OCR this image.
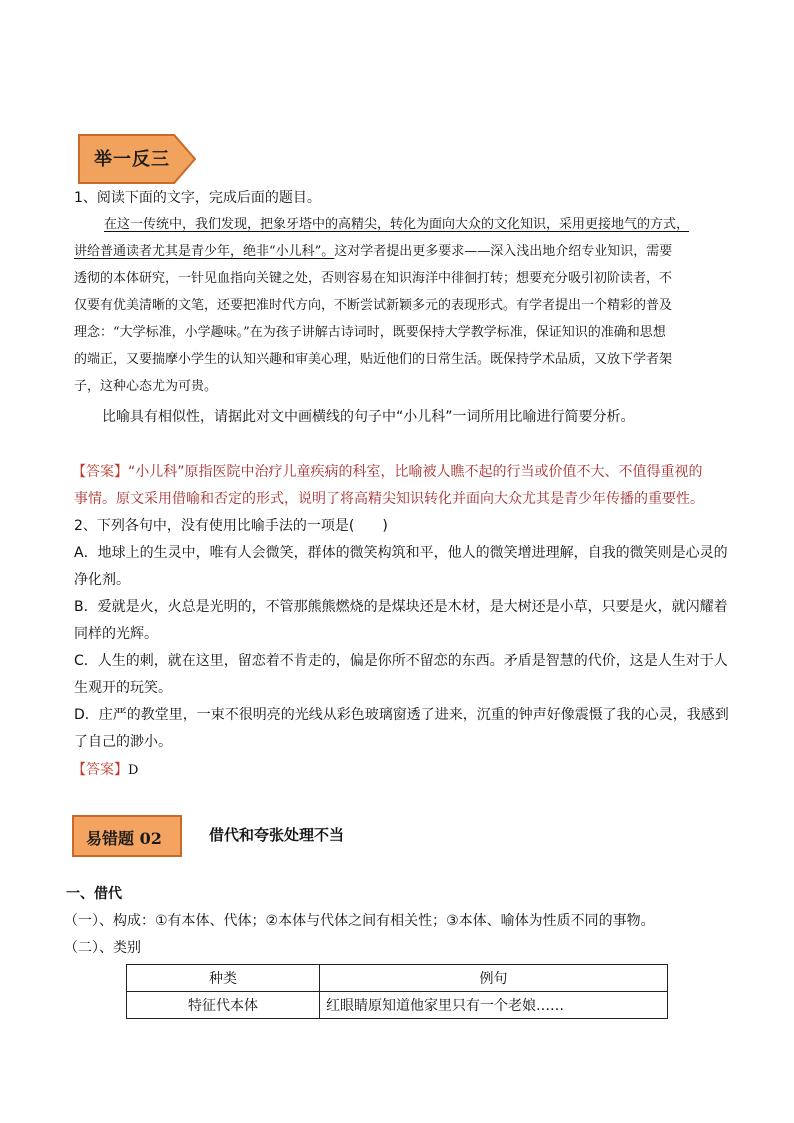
举一反三
1、阅读下面的文字，完成后面的题目。
在这一传统中，我们发现，把象牙塔中的高精尖，转化为面向大众的文化知识，采用更接地气的方式，
讲给普通读者尤其是青少年，绝非“小儿科”。这对学者提出更多要求——深入浅出地介绍专业知识，需要
透彻的本体研究，一针见血指向关键之处，否则容易在知识海洋中徘徊打转；想要充分吸引初阶读者，不
仅要有优美清晰的文笔，还要把准时代方向，不断尝试新颖多元的表现形式。有学者提出一个精彩的普及
理念：“大学标准，小学趣味。”在为孩子讲解古诗词时，既要保持大学教学标准，保证知识的准确和思想
的端正，又要揣摩小学生的认知兴趣和审美心理，贴近他们的日常生活。既保持学术品质，又放下学者架
子，这种心态尤为可贵。
比喻具有相似性，请据此对文中画横线的句子中“小儿科”一词所用比喻进行简要分析。
【答案】“小儿科”原指医院中治疗儿童疾病的科室，比喻被人瞧不起的行当或价值不大、不值得重视的
事情。原文采用借喻和否定的形式，说明了将高精尖知识转化并面向大众尤其是青少年传播的重要性。
2、下列各句中，没有使用比喻手法的一项是(　　)
A．地球上的生灵中，唯有人会微笑，群体的微笑构筑和平，他人的微笑增进理解，自我的微笑则是心灵的
净化剂。
B．爱就是火，火总是光明的，不管那熊熊燃烧的是煤块还是木材，是大树还是小草，只要是火，就闪耀着
同样的光辉。
C．人生的刺，就在这里，留恋着不肯走的，偏是你所不留恋的东西。矛盾是智慧的代价，这是人生对于人
生观开的玩笑。
D．庄严的教堂里，一束不很明亮的光线从彩色玻璃窗透了进来，沉重的钟声好像震慑了我的心灵，我感到
了自己的渺小。
【答案】D
易错题 02	借代和夸张处理不当
一、借代
（一）、构成：①有本体、代体；②本体与代体之间有相关性；③本体、喻体为性质不同的事物。
（二）、类别
种类	例句
特征代本体	红眼睛原知道他家里只有一个老娘……
